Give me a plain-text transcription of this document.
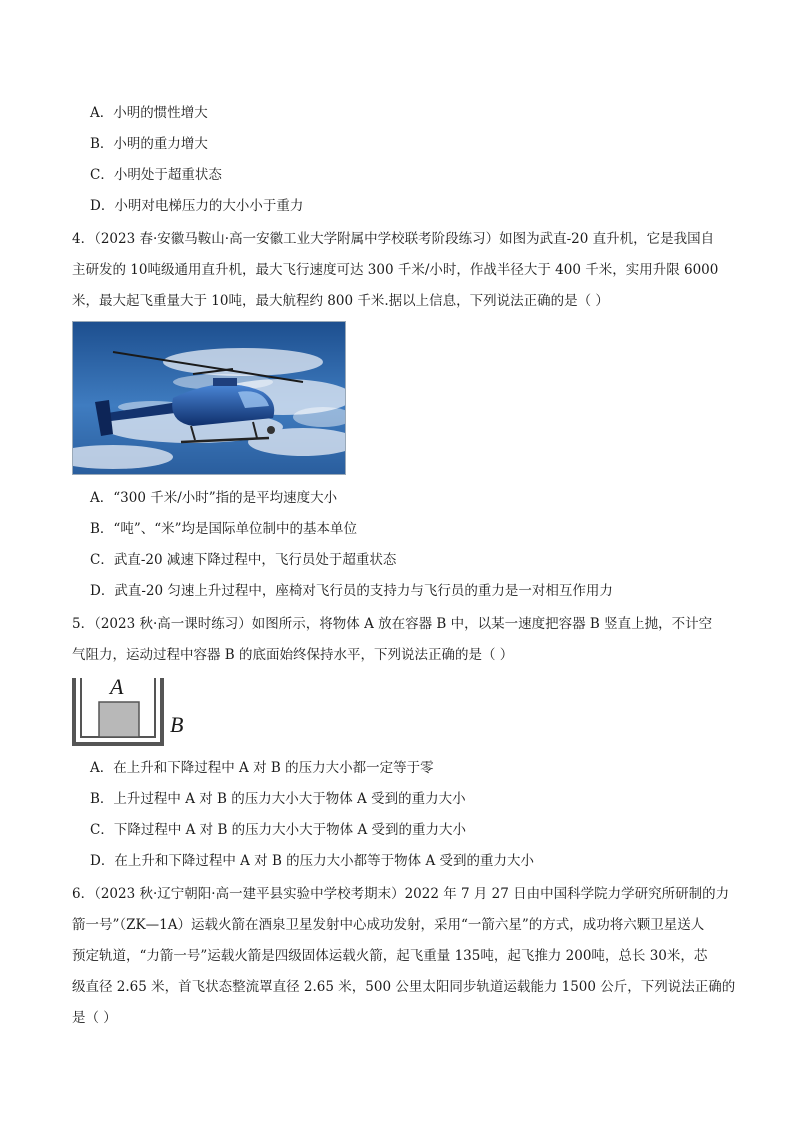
A．小明的惯性增大
B．小明的重力增大
C．小明处于超重状态
D．小明对电梯压力的大小小于重力
4．（2023 春·安徽马鞍山·高一安徽工业大学附属中学校联考阶段练习）如图为武直-20 直升机，它是我国自
主研发的 10吨级通用直升机，最大飞行速度可达 300 千米/小时，作战半径大于 400 千米，实用升限 6000
米，最大起飞重量大于 10吨，最大航程约 800 千米.据以上信息，下列说法正确的是（ ）
A．“300 千米/小时”指的是平均速度大小
B．“吨”、“米”均是国际单位制中的基本单位
C．武直-20 减速下降过程中，飞行员处于超重状态
D．武直-20 匀速上升过程中，座椅对飞行员的支持力与飞行员的重力是一对相互作用力
5．（2023 秋·高一课时练习）如图所示，将物体 A 放在容器 B 中，以某一速度把容器 B 竖直上抛，不计空
气阻力，运动过程中容器 B 的底面始终保持水平，下列说法正确的是（ ）
A
B
A．在上升和下降过程中 A 对 B 的压力大小都一定等于零
B．上升过程中 A 对 B 的压力大小大于物体 A 受到的重力大小
C．下降过程中 A 对 B 的压力大小大于物体 A 受到的重力大小
D．在上升和下降过程中 A 对 B 的压力大小都等于物体 A 受到的重力大小
6．（2023 秋·辽宁朝阳·高一建平县实验中学校考期末）2022 年 7 月 27 日由中国科学院力学研究所研制的力
箭一号”（ZK—1A）运载火箭在酒泉卫星发射中心成功发射，采用“一箭六星”的方式，成功将六颗卫星送人
预定轨道，“力箭一号”运载火箭是四级固体运载火箭，起飞重量 135吨，起飞推力 200吨，总长 30米，芯
级直径 2.65 米，首飞状态整流罩直径 2.65 米，500 公里太阳同步轨道运载能力 1500 公斤，下列说法正确的
是（ ）
